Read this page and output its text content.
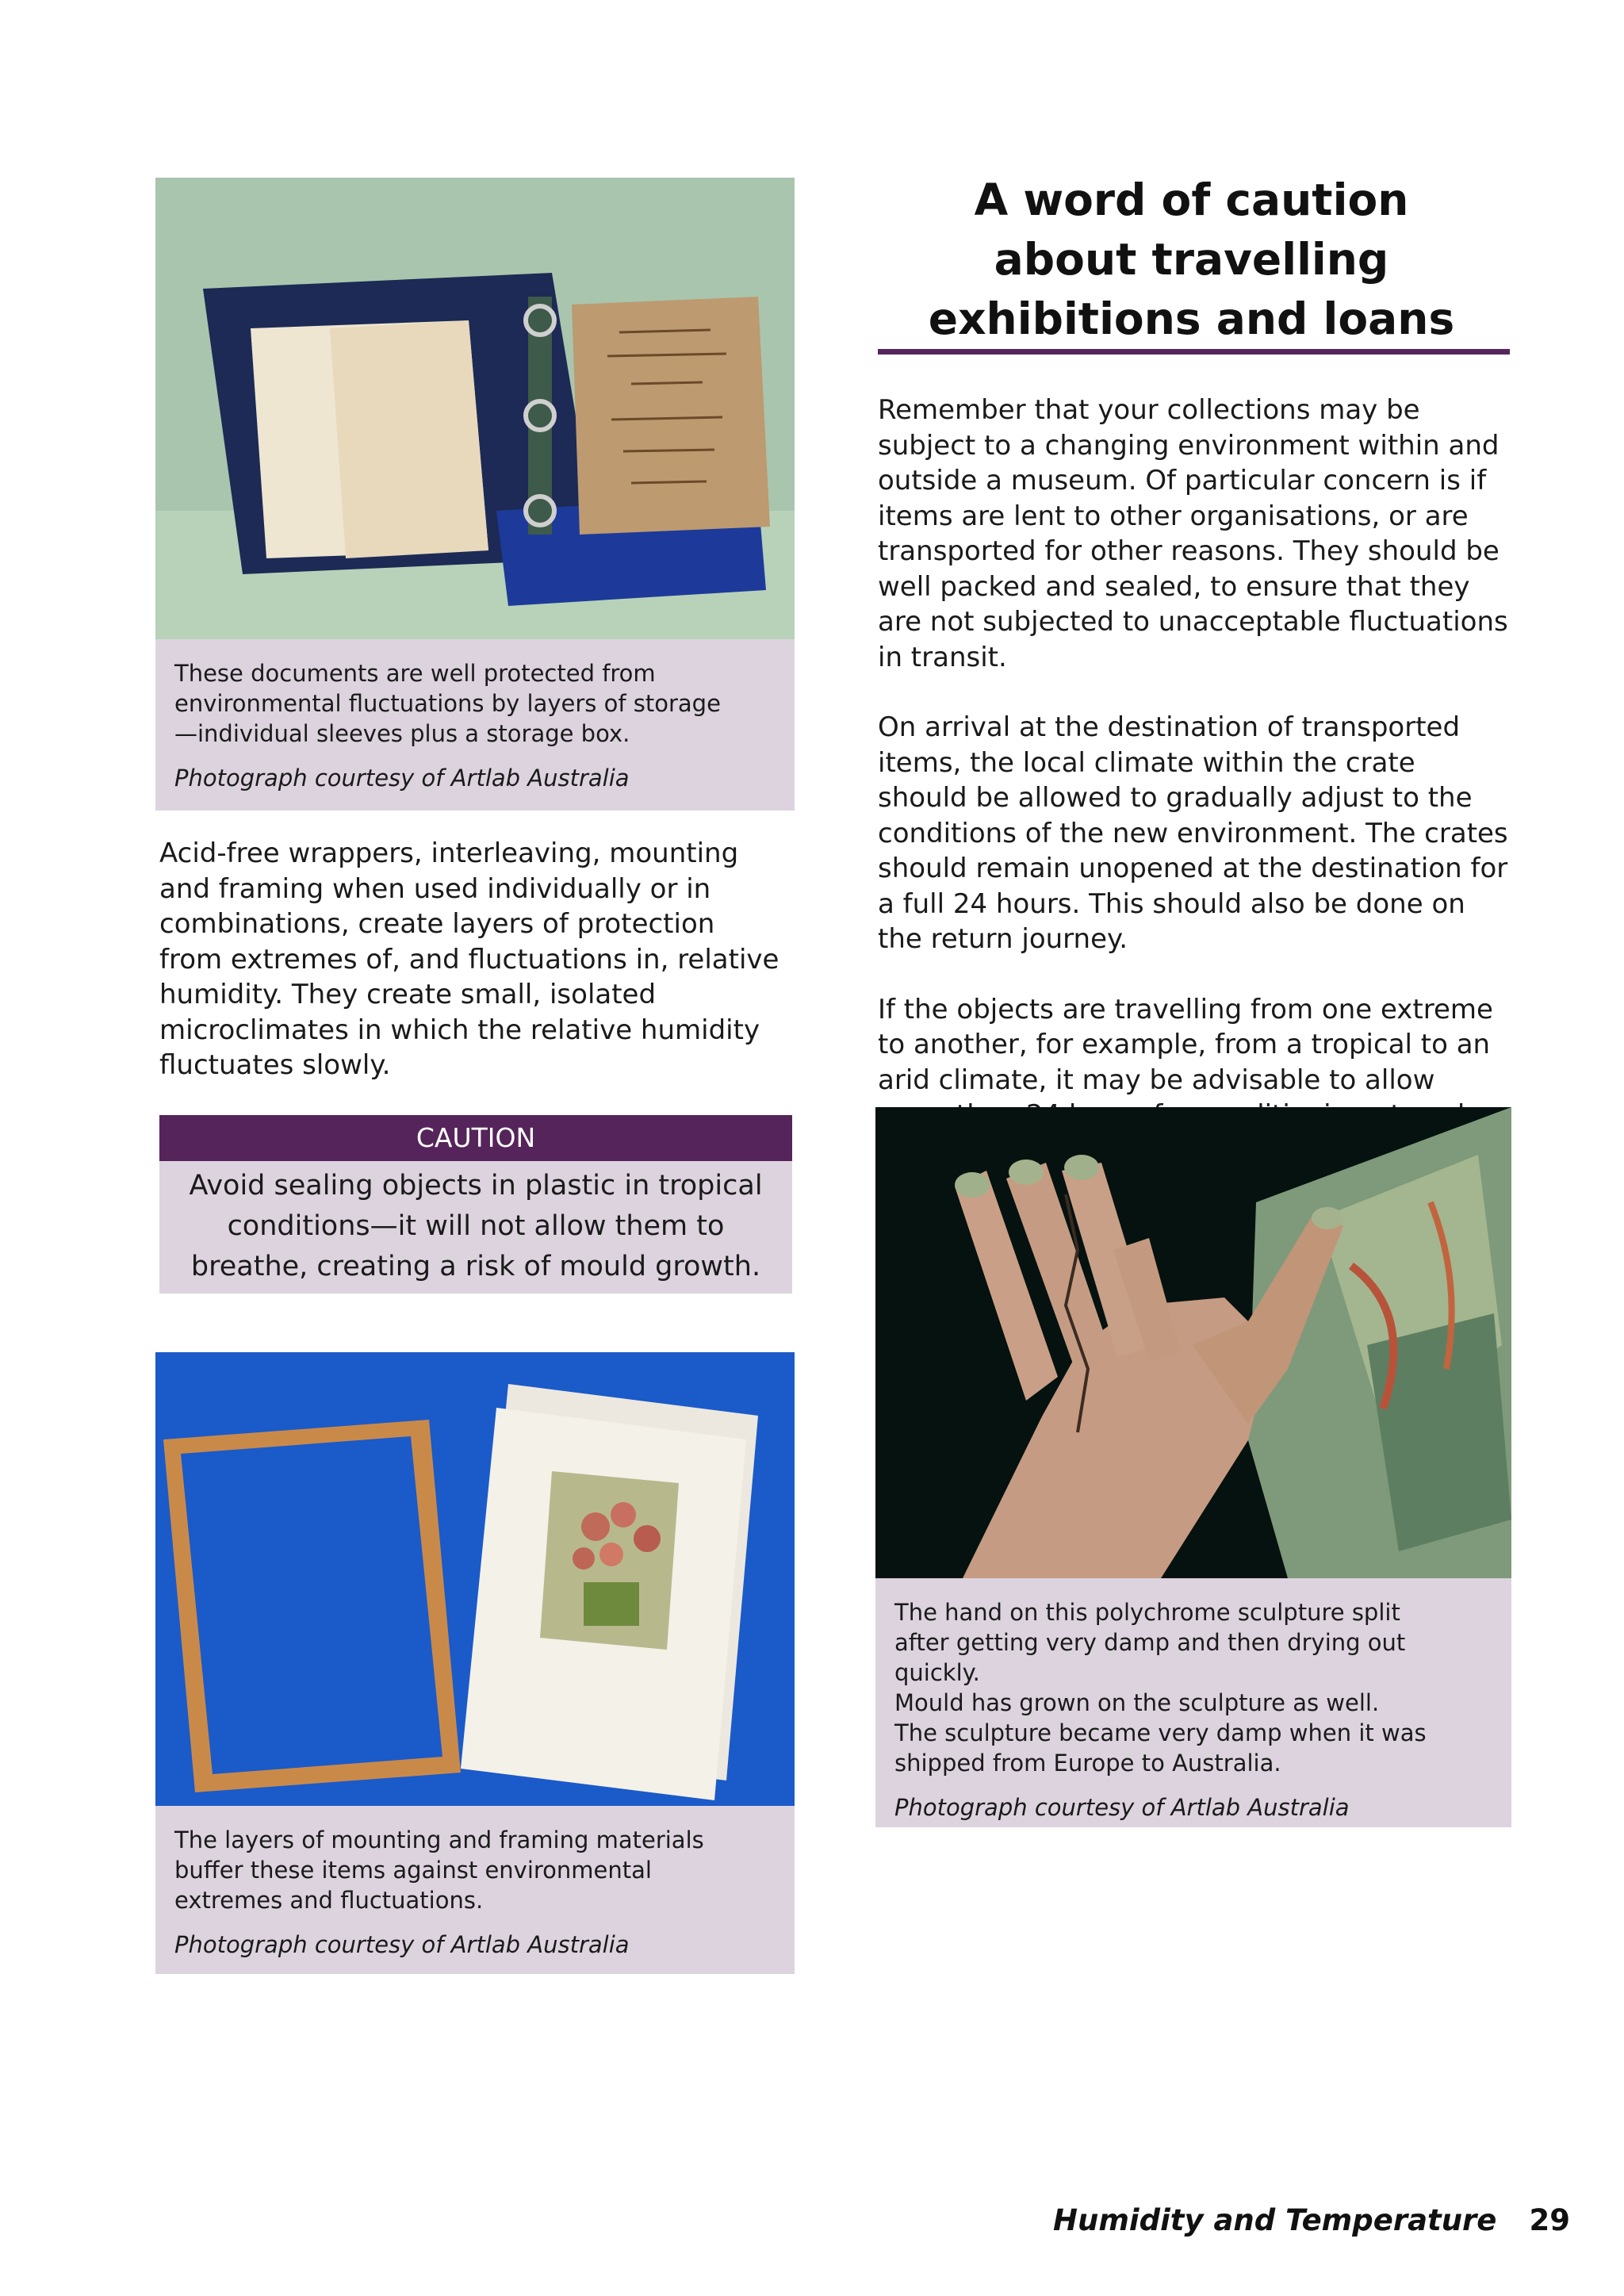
These documents are well protected from environmental fluctuations by layers of storage—individual sleeves plus a storage box.

Photograph courtesy of Artlab Australia

Acid-free wrappers, interleaving, mounting and framing when used individually or in combinations, create layers of protection from extremes of, and fluctuations in, relative humidity. They create small, isolated microclimates in which the relative humidity fluctuates slowly.

CAUTION
Avoid sealing objects in plastic in tropical conditions—it will not allow them to breathe, creating a risk of mould growth.

The layers of mounting and framing materials buffer these items against environmental extremes and fluctuations.

Photograph courtesy of Artlab Australia

A word of caution
about travelling
exhibitions and loans

Remember that your collections may be subject to a changing environment within and outside a museum. Of particular concern is if items are lent to other organisations, or are transported for other reasons. They should be well packed and sealed, to ensure that they are not subjected to unacceptable fluctuations in transit.

On arrival at the destination of transported items, the local climate within the crate should be allowed to gradually adjust to the conditions of the new environment. The crates should remain unopened at the destination for a full 24 hours. This should also be done on the return journey.

If the objects are travelling from one extreme to another, for example, from a tropical to an arid climate, it may be advisable to allow

The hand on this polychrome sculpture split

after getting very damp and then drying out quickly.

Mould has grown on the sculpture as well.

The sculpture became very damp when it was

shipped from Europe to Australia.

Photograph courtesy of Artlab Australia

Humidity and Temperature 29
